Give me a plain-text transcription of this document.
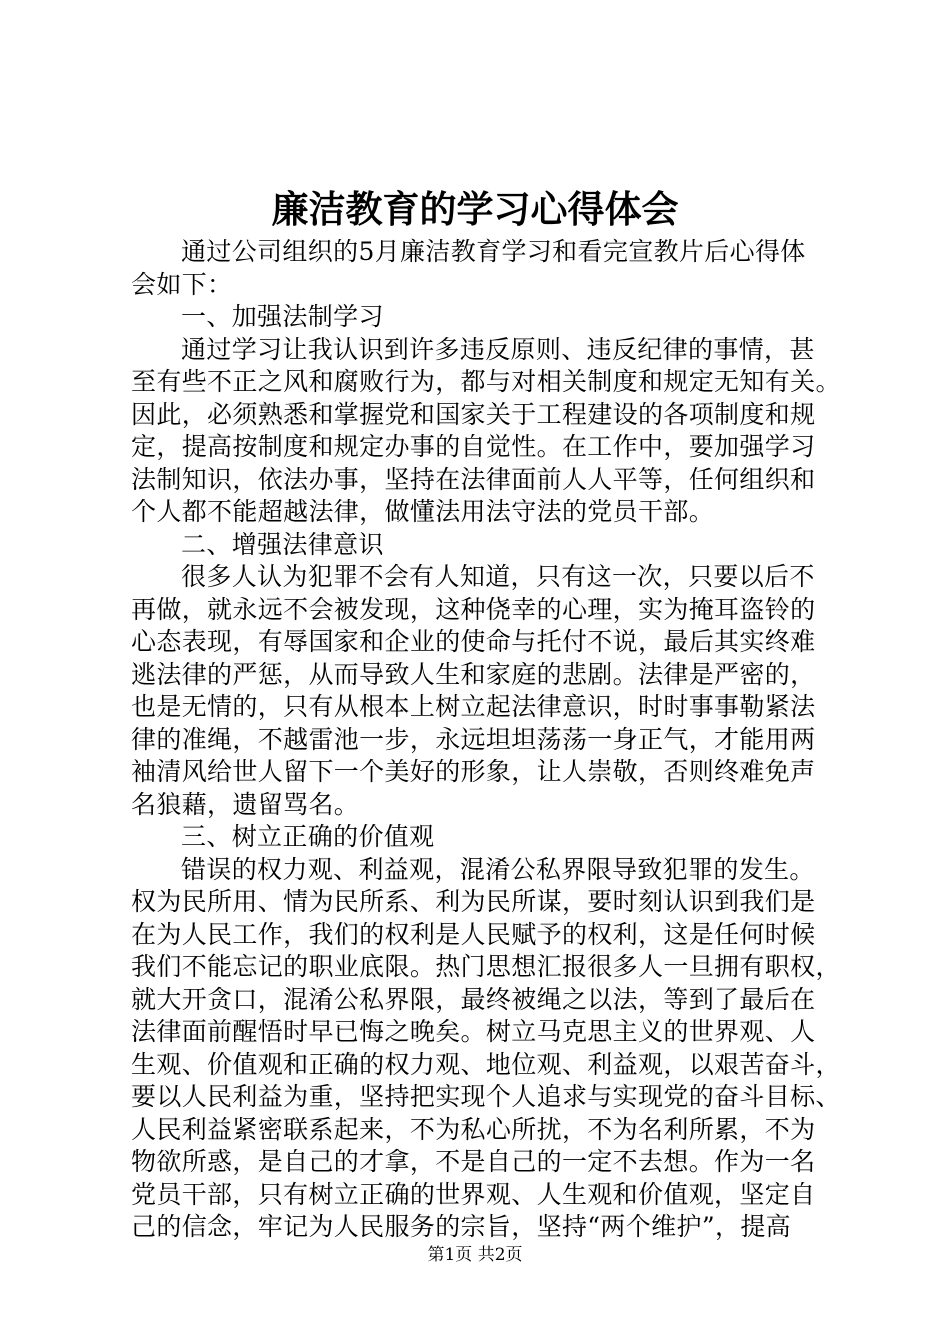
廉洁教育的学习心得体会
通过公司组织的5月廉洁教育学习和看完宣教片后心得体
会如下：
一、加强法制学习
通过学习让我认识到许多违反原则、违反纪律的事情，甚
至有些不正之风和腐败行为，都与对相关制度和规定无知有关。
因此，必须熟悉和掌握党和国家关于工程建设的各项制度和规
定，提高按制度和规定办事的自觉性。在工作中，要加强学习
法制知识，依法办事，坚持在法律面前人人平等，任何组织和
个人都不能超越法律，做懂法用法守法的党员干部。
二、增强法律意识
很多人认为犯罪不会有人知道，只有这一次，只要以后不
再做，就永远不会被发现，这种侥幸的心理，实为掩耳盗铃的
心态表现，有辱国家和企业的使命与托付不说，最后其实终难
逃法律的严惩，从而导致人生和家庭的悲剧。法律是严密的，
也是无情的，只有从根本上树立起法律意识，时时事事勒紧法
律的准绳，不越雷池一步，永远坦坦荡荡一身正气，才能用两
袖清风给世人留下一个美好的形象，让人崇敬，否则终难免声
名狼藉，遗留骂名。
三、树立正确的价值观
错误的权力观、利益观，混淆公私界限导致犯罪的发生。
权为民所用、情为民所系、利为民所谋，要时刻认识到我们是
在为人民工作，我们的权利是人民赋予的权利，这是任何时候
我们不能忘记的职业底限。热门思想汇报很多人一旦拥有职权，
就大开贪口，混淆公私界限，最终被绳之以法，等到了最后在
法律面前醒悟时早已悔之晚矣。树立马克思主义的世界观、人
生观、价值观和正确的权力观、地位观、利益观，以艰苦奋斗，
要以人民利益为重，坚持把实现个人追求与实现党的奋斗目标、
人民利益紧密联系起来，不为私心所扰，不为名利所累，不为
物欲所惑，是自己的才拿，不是自己的一定不去想。作为一名
党员干部，只有树立正确的世界观、人生观和价值观，坚定自
己的信念，牢记为人民服务的宗旨，坚持“两个维护”，提高
第1页 共2页
